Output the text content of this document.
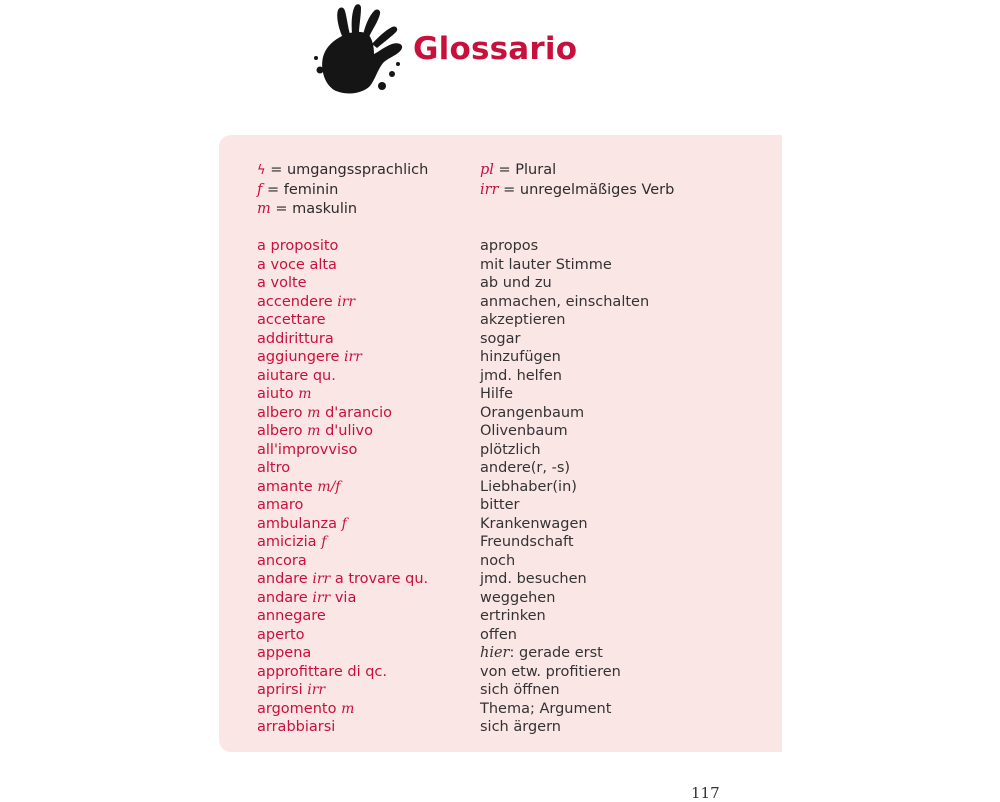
Glossario
ϟ = umgangssprachlich	pl = Plural
f = feminin	irr = unregelmäßiges Verb
m = maskulin
a proposito	apropos
a voce alta	mit lauter Stimme
a volte	ab und zu
accendere irr	anmachen, einschalten
accettare	akzeptieren
addirittura	sogar
aggiungere irr	hinzufügen
aiutare qu.	jmd. helfen
aiuto m	Hilfe
albero m d'arancio	Orangenbaum
albero m d'ulivo	Olivenbaum
all'improvviso	plötzlich
altro	andere(r, -s)
amante m/f	Liebhaber(in)
amaro	bitter
ambulanza f	Krankenwagen
amicizia f	Freundschaft
ancora	noch
andare irr a trovare qu.	jmd. besuchen
andare irr via	weggehen
annegare	ertrinken
aperto	offen
appena	hier: gerade erst
approfittare di qc.	von etw. profitieren
aprirsi irr	sich öffnen
argomento m	Thema; Argument
arrabbiarsi	sich ärgern
117
